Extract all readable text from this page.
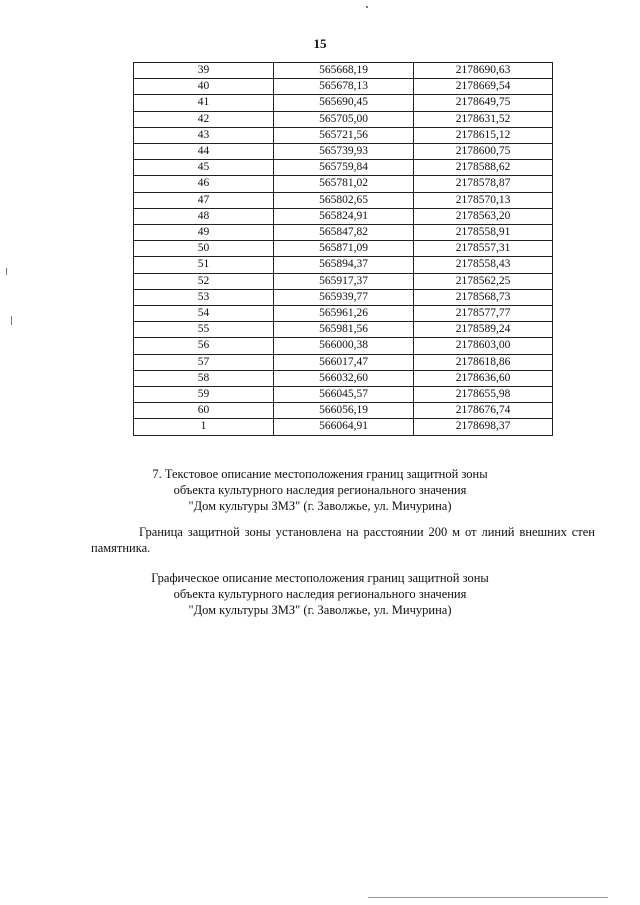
15
39	565668,19	2178690,63
40	565678,13	2178669,54
41	565690,45	2178649,75
42	565705,00	2178631,52
43	565721,56	2178615,12
44	565739,93	2178600,75
45	565759,84	2178588,62
46	565781,02	2178578,87
47	565802,65	2178570,13
48	565824,91	2178563,20
49	565847,82	2178558,91
50	565871,09	2178557,31
51	565894,37	2178558,43
52	565917,37	2178562,25
53	565939,77	2178568,73
54	565961,26	2178577,77
55	565981,56	2178589,24
56	566000,38	2178603,00
57	566017,47	2178618,86
58	566032,60	2178636,60
59	566045,57	2178655,98
60	566056,19	2178676,74
1	566064,91	2178698,37
7. Текстовое описание местоположения границ защитной зоны
объекта культурного наследия регионального значения
"Дом культуры ЗМЗ" (г. Заволжье, ул. Мичурина)
Граница защитной зоны установлена на расстоянии 200 м от линий внешних стен
памятника.
Графическое описание местоположения границ защитной зоны
объекта культурного наследия регионального значения
"Дом культуры ЗМЗ" (г. Заволжье, ул. Мичурина)
